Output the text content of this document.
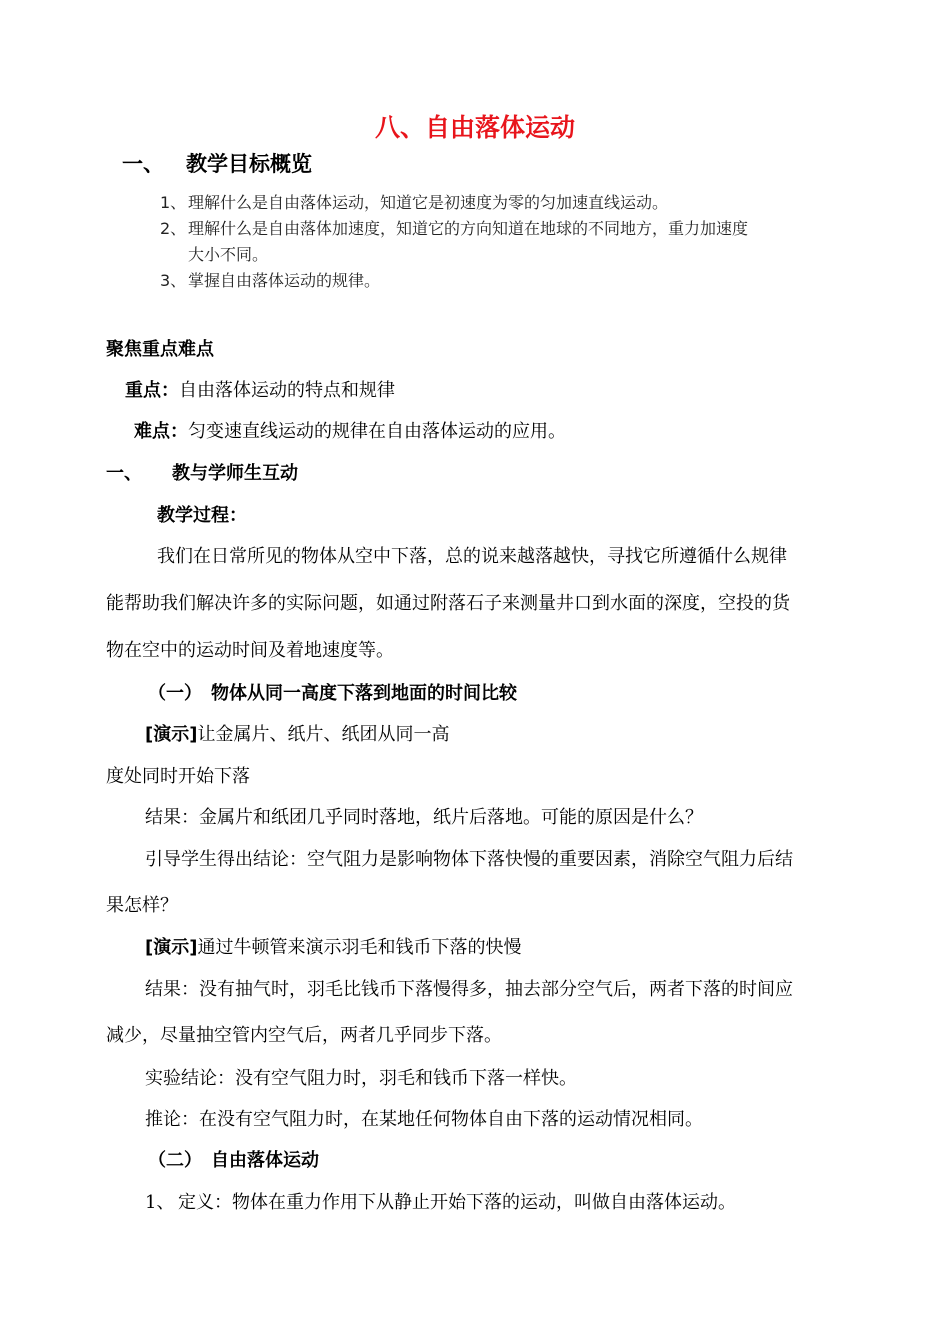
八、自由落体运动
一、 教学目标概览
1、 理解什么是自由落体运动，知道它是初速度为零的匀加速直线运动。
2、 理解什么是自由落体加速度，知道它的方向知道在地球的不同地方，重力加速度
大小不同。
3、 掌握自由落体运动的规律。
聚焦重点难点
重点：自由落体运动的特点和规律
难点：匀变速直线运动的规律在自由落体运动的应用。
一、 教与学师生互动
教学过程：
我们在日常所见的物体从空中下落，总的说来越落越快，寻找它所遵循什么规律
能帮助我们解决许多的实际问题，如通过附落石子来测量井口到水面的深度，空投的货
物在空中的运动时间及着地速度等。
（一） 物体从同一高度下落到地面的时间比较
[演示]让金属片、纸片、纸团从同一高
度处同时开始下落
结果：金属片和纸团几乎同时落地，纸片后落地。可能的原因是什么？
引导学生得出结论：空气阻力是影响物体下落快慢的重要因素，消除空气阻力后结
果怎样？
[演示]通过牛顿管来演示羽毛和钱币下落的快慢
结果：没有抽气时，羽毛比钱币下落慢得多，抽去部分空气后，两者下落的时间应
减少，尽量抽空管内空气后，两者几乎同步下落。
实验结论：没有空气阻力时，羽毛和钱币下落一样快。
推论：在没有空气阻力时，在某地任何物体自由下落的运动情况相同。
（二） 自由落体运动
1、 定义：物体在重力作用下从静止开始下落的运动，叫做自由落体运动。
